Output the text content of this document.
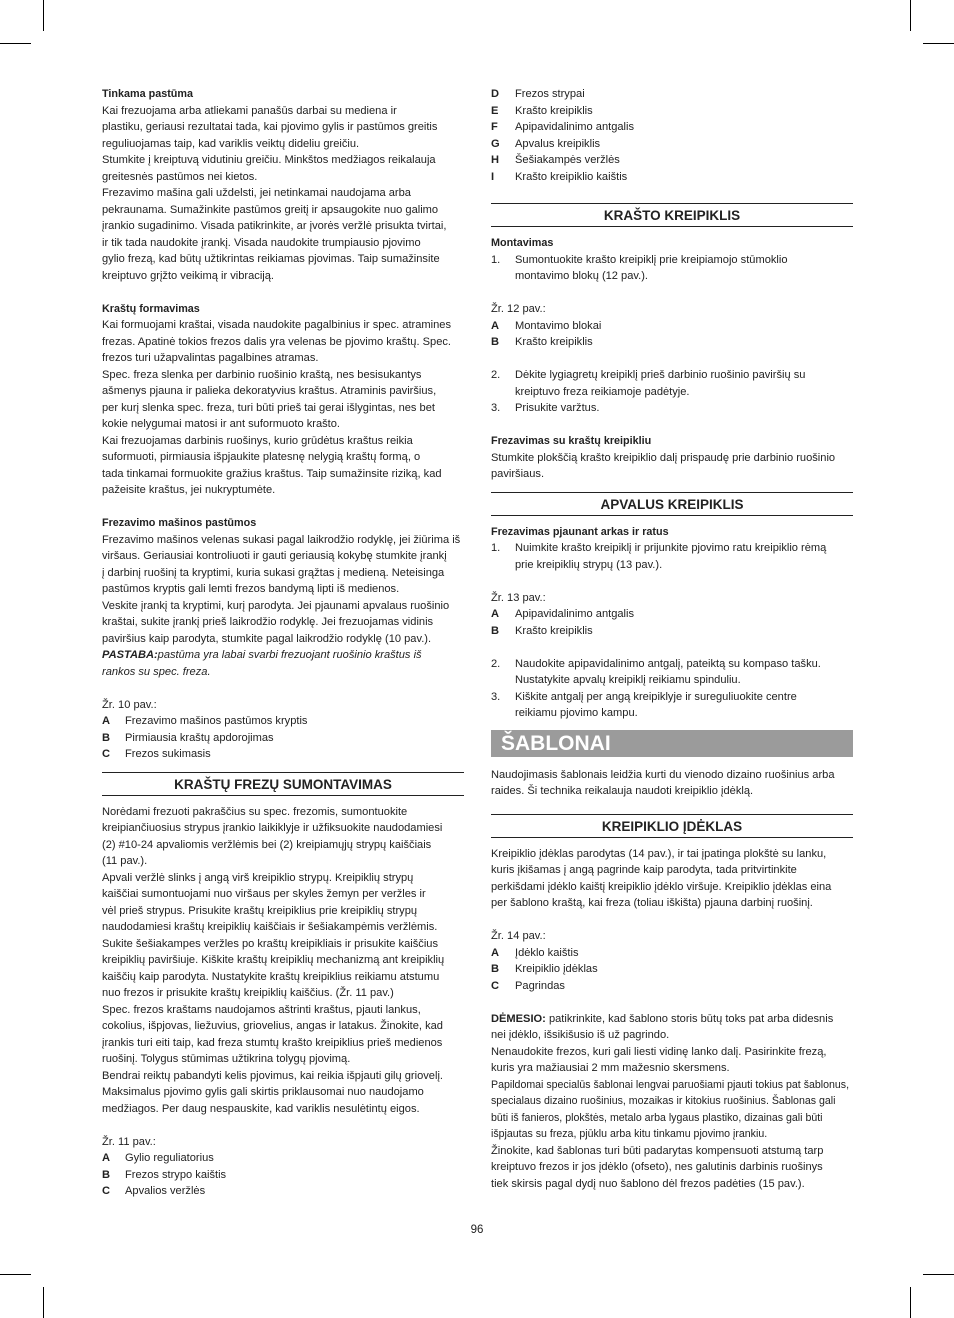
Tinkama pastūma

Kai frezuojama arba atliekami panašūs darbai su mediena ir

plastiku, geriausi rezultatai tada, kai pjovimo gylis ir pastūmos greitis

reguliuojamas taip, kad variklis veiktų dideliu greičiu.

Stumkite į kreiptuvą vidutiniu greičiu. Minkštos medžiagos reikalauja

greitesnės pastūmos nei kietos.

Frezavimo mašina gali uždelsti, jei netinkamai naudojama arba

pekraunama. Sumažinkite pastūmos greitį ir apsaugokite nuo galimo

įrankio sugadinimo. Visada patikrinkite, ar įvorės veržlė prisukta tvirtai,

ir tik tada naudokite įrankį. Visada naudokite trumpiausio pjovimo

gylio frezą, kad būtų užtikrintas reikiamas pjovimas. Taip sumažinsite

kreiptuvo grįžto veikimą ir vibraciją.

Kraštų formavimas

Kai formuojami kraštai, visada naudokite pagalbinius ir spec. atramines

frezas. Apatinė tokios frezos dalis yra velenas be pjovimo kraštų. Spec.

frezos turi užapvalintas pagalbines atramas.

Spec. freza slenka per darbinio ruošinio kraštą, nes besisukantys

ašmenys pjauna ir palieka dekoratyvius kraštus. Atraminis paviršius,

per kurį slenka spec. freza, turi būti prieš tai gerai išlygintas, nes bet

kokie nelygumai matosi ir ant suformuoto krašto.

Kai frezuojamas darbinis ruošinys, kurio grūdėtus kraštus reikia

suformuoti, pirmiausia išpjaukite platesnę nelygią kraštų formą, o

tada tinkamai formuokite gražius kraštus. Taip sumažinsite riziką, kad

pažeisite kraštus, jei nukryptumėte.

Frezavimo mašinos pastūmos

Frezavimo mašinos velenas sukasi pagal laikrodžio rodyklę, jei žiūrima iš

viršaus. Geriausiai kontroliuoti ir gauti geriausią kokybę stumkite įrankį

į darbinį ruošinį ta kryptimi, kuria sukasi grąžtas į medieną. Neteisinga

pastūmos kryptis gali lemti frezos bandymą lipti iš medienos.

Veskite įrankį ta kryptimi, kurį parodyta. Jei pjaunami apvalaus ruošinio

kraštai, sukite įrankį prieš laikrodžio rodyklę. Jei frezuojamas vidinis

paviršius kaip parodyta, stumkite pagal laikrodžio rodyklę (10 pav.).

PASTABA:pastūma yra labai svarbi frezuojant ruošinio kraštus iš

rankos su spec. freza.

Žr. 10 pav.:

A	Frezavimo mašinos pastūmos kryptis
B	Pirmiausia kraštų apdorojimas
C	Frezos sukimasis
KRAŠTŲ FREZŲ SUMONTAVIMAS

Norėdami frezuoti pakraščius su spec. frezomis, sumontuokite

kreipiančiuosius strypus įrankio laikiklyje ir užfiksuokite naudodamiesi

(2) #10-24 apvaliomis veržlėmis bei (2) kreipiamųjų strypų kaiščiais

(11 pav.).

Apvali veržlė slinks į angą virš kreipiklio strypų. Kreipiklių strypų

kaiščiai sumontuojami nuo viršaus per skyles žemyn per veržles ir

vėl prieš strypus. Prisukite kraštų kreipiklius prie kreipiklių strypų

naudodamiesi kraštų kreipiklių kaiščiais ir šešiakampėmis veržlėmis.

Sukite šešiakampes veržles po kraštų kreipikliais ir prisukite kaiščius

kreipiklių paviršiuje. Kiškite kraštų kreipiklių mechanizmą ant kreipiklių

kaiščių kaip parodyta. Nustatykite kraštų kreipiklius reikiamu atstumu

nuo frezos ir prisukite kraštų kreipiklių kaiščius. (Žr. 11 pav.)

Spec. frezos kraštams naudojamos aštrinti kraštus, pjauti lankus,

cokolius, išpjovas, liežuvius, griovelius, angas ir latakus. Žinokite, kad

įrankis turi eiti taip, kad freza stumtų krašto kreipiklius prieš medienos

ruošinį. Tolygus stūmimas užtikrina tolygų pjovimą.

Bendrai reiktų pabandyti kelis pjovimus, kai reikia išpjauti gilų griovelį.

Maksimalus pjovimo gylis gali skirtis priklausomai nuo naudojamo

medžiagos. Per daug nespauskite, kad variklis nesulėtintų eigos.

Žr. 11 pav.:

A	Gylio reguliatorius
B	Frezos strypo kaištis
C	Apvalios veržlės
D	Frezos strypai
E	Krašto kreipiklis
F	Apipavidalinimo antgalis
G	Apvalus kreipiklis
H	Šešiakampės veržlės
I	Krašto kreipiklio kaištis
KRAŠTO KREIPIKLIS

Montavimas

1.	Sumontuokite krašto kreipiklį prie kreipiamojo stūmoklio
montavimo blokų (12 pav.).

Žr. 12 pav.:

A	Montavimo blokai
B	Krašto kreipiklis
2.	Dėkite lygiagretų kreipiklį prieš darbinio ruošinio paviršių su
kreiptuvo freza reikiamoje padėtyje.
3.	Prisukite varžtus.

Frezavimas su kraštų kreipikliu

Stumkite plokščią krašto kreipiklio dalį prispaudę prie darbinio ruošinio

paviršiaus.

APVALUS KREIPIKLIS

Frezavimas pjaunant arkas ir ratus

1.	Nuimkite krašto kreipiklį ir prijunkite pjovimo ratu kreipiklio rėmą
prie kreipiklių strypų (13 pav.).

Žr. 13 pav.:

A	Apipavidalinimo antgalis
B	Krašto kreipiklis
2.	Naudokite apipavidalinimo antgalį, pateiktą su kompaso tašku.
Nustatykite apvalų kreipiklį reikiamu spinduliu.
3.	Kiškite antgalį per angą kreipiklyje ir sureguliuokite centre
reikiamu pjovimo kampu.
ŠABLONAI

Naudojimasis šablonais leidžia kurti du vienodo dizaino ruošinius arba

raides. Ši technika reikalauja naudoti kreipiklio įdėklą.

KREIPIKLIO ĮDĖKLAS

Kreipiklio įdėklas parodytas (14 pav.), ir tai įpatinga plokštė su lanku,

kuris įkišamas į angą pagrinde kaip parodyta, tada pritvirtinkite

perkišdami įdėklo kaištį kreipiklio įdėklo viršuje. Kreipiklio įdėklas eina

per šablono kraštą, kai freza (toliau iškišta) pjauna darbinį ruošinį.

Žr. 14 pav.:

A	Įdėklo kaištis
B	Kreipiklio įdėklas
C	Pagrindas

DĖMESIO: patikrinkite, kad šablono storis būtų toks pat arba didesnis

nei įdėklo, išsikišusio iš už pagrindo.

Nenaudokite frezos, kuri gali liesti vidinę lanko dalį. Pasirinkite frezą,

kuris yra mažiausiai 2 mm mažesnio skersmens.

Papildomai specialūs šablonai lengvai paruošiami pjauti tokius pat šablonus,

specialaus dizaino ruošinius, mozaikas ir kitokius ruošinius. Šablonas gali

būti iš fanieros, plokštės, metalo arba lygaus plastiko, dizainas gali būti

išpjautas su freza, pjūklu arba kitu tinkamu pjovimo įrankiu.

Žinokite, kad šablonas turi būti padarytas kompensuoti atstumą tarp

kreiptuvo frezos ir jos įdėklo (ofseto), nes galutinis darbinis ruošinys

tiek skirsis pagal dydį nuo šablono dėl frezos padėties (15 pav.).

96
